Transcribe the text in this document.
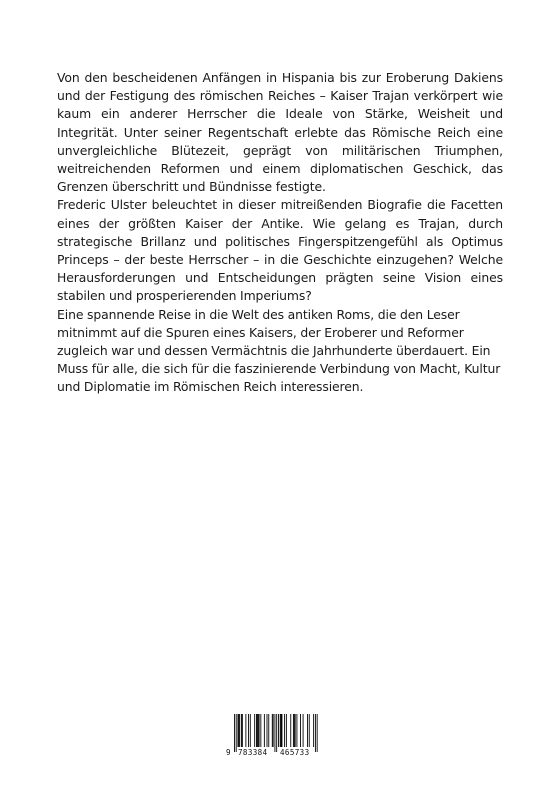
Von den bescheidenen Anfängen in Hispania bis zur Eroberung Dakiens und der Festigung des römischen Reiches – Kaiser Trajan verkörpert wie kaum ein anderer Herrscher die Ideale von Stärke, Weisheit und Integrität. Unter seiner Regentschaft erlebte das Römische Reich eine unvergleichliche Blütezeit, geprägt von militärischen Triumphen, weitreichenden Reformen und einem diplomatischen Geschick, das Grenzen überschritt und Bündnisse festigte.

Frederic Ulster beleuchtet in dieser mitreißenden Biografie die Facetten eines der größten Kaiser der Antike. Wie gelang es Trajan, durch strategische Brillanz und politisches Fingerspitzengefühl als Optimus Princeps – der beste Herrscher – in die Geschichte einzugehen? Welche Herausforderungen und Entscheidungen prägten seine Vision eines stabilen und prosperierenden Imperiums?

Eine spannende Reise in die Welt des antiken Roms, die den Leser mitnimmt auf die Spuren eines Kaisers, der Eroberer und Reformer zugleich war und dessen Vermächtnis die Jahrhunderte überdauert. Ein Muss für alle, die sich für die faszinierende Verbindung von Macht, Kultur und Diplomatie im Römischen Reich interessieren.

9 783384 465733
